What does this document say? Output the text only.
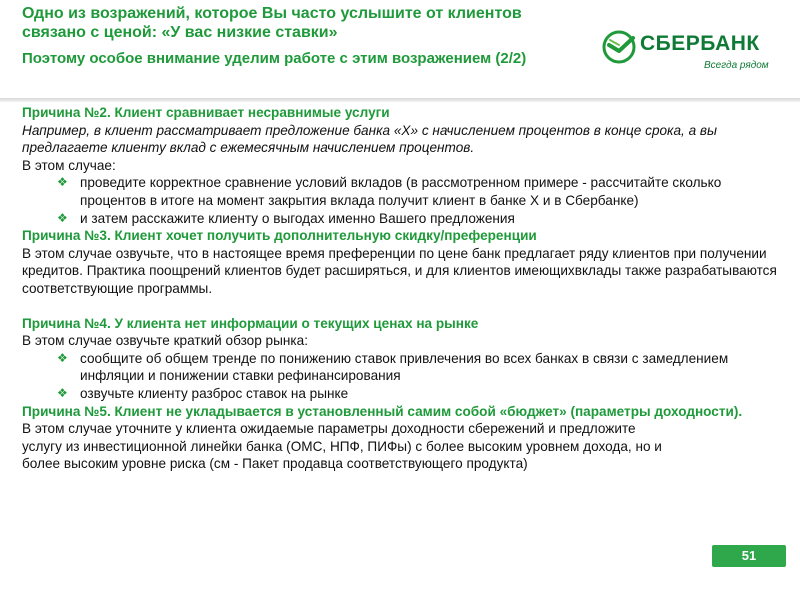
Одно из возражений, которое Вы часто услышите от клиентов
связано с ценой: «У вас низкие ставки»
Поэтому особое внимание уделим работе с этим возражением (2/2)
СБЕРБАНК
Всегда рядом

Причина №2. Клиент сравнивает несравнимые услуги

Например, в клиент рассматривает предложение банка «Х» с начислением процентов в конце срока, а вы предлагаете клиенту вклад с ежемесячным начислением процентов.

В этом случае:

❖ проведите корректное сравнение условий вкладов (в рассмотренном примере - рассчитайте сколько процентов в итоге на момент закрытия вклада получит клиент в банке Х и в Сбербанке)

❖ и затем расскажите клиенту о выгодах именно Вашего предложения

Причина №3. Клиент хочет получить дополнительную скидку/преференции

В этом случае озвучьте, что в настоящее время преференции по цене банк предлагает ряду клиентов при получении кредитов. Практика поощрений клиентов будет расширяться, и для клиентов имеющихвклады также разрабатываются соответствующие программы.

Причина №4. У клиента нет информации о текущих ценах на рынке

В этом случае озвучьте краткий обзор рынка:

❖ сообщите об общем тренде по понижению ставок привлечения во всех банках в связи с замедлением инфляции и понижении ставки рефинансирования

❖ озвучьте клиенту разброс ставок на рынке

Причина №5. Клиент не укладывается в установленный самим собой «бюджет» (параметры доходности).

В этом случае уточните у клиента ожидаемые параметры доходности сбережений и предложите

услугу из инвестиционной линейки банка (ОМС, НПФ, ПИФы) с более высоким уровнем дохода, но и

более высоким уровне риска (см - Пакет продавца соответствующего продукта)

51
